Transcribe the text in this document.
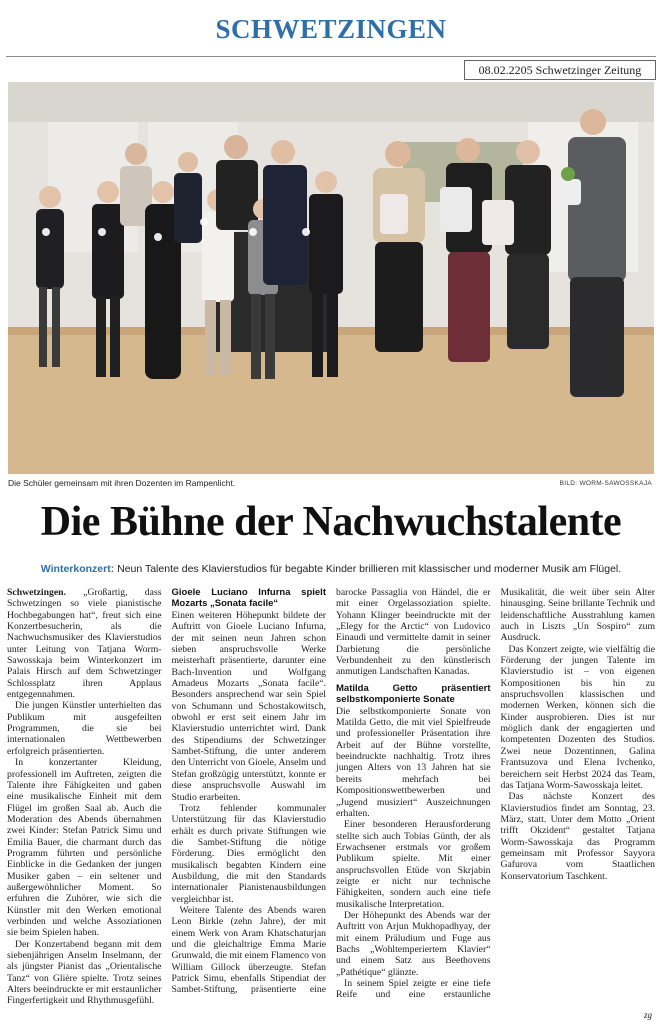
SCHWETZINGEN
08.02.2205 Schwetzinger Zeitung
Die Schüler gemeinsam mit ihren Dozenten im Rampenlicht.	BILD: WORM-SAWOSSKAJA
Die Bühne der Nachwuchstalente
Winterkonzert: Neun Talente des Klavierstudios für begabte Kinder brillieren mit klassischer und moderner Musik am Flügel.

Schwetzingen. „Großartig, dass Schwetzingen so viele pianistische Hochbegabungen hat“, freut sich eine Konzertbesucherin, als die Nachwuchsmusiker des Klavierstudios unter Leitung von Tatjana Worm-Sawosskaja beim Winterkonzert im Palais Hirsch auf dem Schwetzinger Schlossplatz ihren Applaus entgegennahmen.

Die jungen Künstler unterhielten das Publikum mit ausgefeilten Programmen, die sie bei internationalen Wettbewerben erfolgreich präsentierten.

In konzertanter Kleidung, professionell im Auftreten, zeigten die Talente ihre Fähigkeiten und gaben eine musikalische Einheit mit dem Flügel im großen Saal ab. Auch die Moderation des Abends übernahmen zwei Kinder: Stefan Patrick Simu und Emilia Bauer, die charmant durch das Programm führten und persönliche Einblicke in die Gedanken der jungen Musiker gaben – ein seltener und außergewöhnlicher Moment. So erfuhren die Zuhörer, wie sich die Künstler mit den Werken emotional verbinden und welche Assoziationen sie beim Spielen haben.

Der Konzertabend begann mit dem siebenjährigen Anselm Inselmann, der als jüngster Pianist das „Orientalische Tanz“ von Glière spielte. Trotz seines Alters beeindruckte er mit erstaunlicher Fingerfertigkeit und Rhythmusgefühl.

Gioele Luciano Infurna spielt Mozarts „Sonata facile“

Einen weiteren Höhepunkt bildete der Auftritt von Gioele Luciano Infurna, der mit seinen neun Jahren schon sieben anspruchsvolle Werke meisterhaft präsentierte, darunter eine Bach-Invention und Wolfgang Amadeus Mozarts „Sonata facile“. Besonders ansprechend war sein Spiel von Schumann und Schostakowitsch, obwohl er erst seit einem Jahr im Klavierstudio unterrichtet wird. Dank des Stipendiums der Schwetzinger Sambet-Stiftung, die unter anderem den Unterricht von Gioele, Anselm und Stefan großzügig unterstützt, konnte er diese anspruchsvolle Auswahl im Studio erarbeiten.

Trotz fehlender kommunaler Unterstützung für das Klavierstudio erhält es durch private Stiftungen wie die Sambet-Stiftung die nötige Förderung. Dies ermöglicht den musikalisch begabten Kindern eine Ausbildung, die mit den Standards internationaler Pianistenausbildungen vergleichbar ist.

Weitere Talente des Abends waren Leon Birkle (zehn Jahre), der mit einem Werk von Aram Khatschaturjan und die gleichaltrige Emma Marie Grunwald, die mit einem Flamenco von William Gillock überzeugte. Stefan Patrick Simu, ebenfalls Stipendiat der Sambet-Stiftung, präsentierte eine barocke Passaglia von Händel, die er mit einer Orgelassoziation spielte. Yohann Klinger beeindruckte mit der „Elegy for the Arctic“ von Ludovico Einaudi und vermittelte damit in seiner Darbietung die persönliche Verbundenheit zu den künstlerisch anmutigen Landschaften Kanadas.

Matilda Getto präsentiert selbstkomponierte Sonate

Die selbstkomponierte Sonate von Matilda Getto, die mit viel Spielfreude und professioneller Präsentation ihre Arbeit auf der Bühne vorstellte, beeindruckte nachhaltig. Trotz ihres jungen Alters von 13 Jahren hat sie bereits mehrfach bei Kompositionswettbewerben und „Jugend musiziert“ Auszeichnungen erhalten.

Einer besonderen Herausforderung stellte sich auch Tobias Günth, der als Erwachsener erstmals vor großem Publikum spielte. Mit einer anspruchsvollen Etüde von Skrjabin zeigte er nicht nur technische Fähigkeiten, sondern auch eine tiefe musikalische Interpretation.

Der Höhepunkt des Abends war der Auftritt von Arjun Mukhopadhyay, der mit einem Präludium und Fuge aus Bachs „Wohltemperiertem Klavier“ und einem Satz aus Beethovens „Pathétique“ glänzte.

In seinem Spiel zeigte er eine tiefe Reife und eine erstaunliche Musikalität, die weit über sein Alter hinausging. Seine brillante Technik und leidenschaftliche Ausstrahlung kamen auch in Liszts „Un Sospiro“ zum Ausdruck.

Das Konzert zeigte, wie vielfältig die Förderung der jungen Talente im Klavierstudio ist – von eigenen Kompositionen bis hin zu anspruchsvollen klassischen und modernen Werken, können sich die Kinder ausprobieren. Dies ist nur möglich dank der engagierten und kompetenten Dozenten des Studios. Zwei neue Dozentinnen, Galina Frantsuzova und Elena Ivchenko, bereichern seit Herbst 2024 das Team, das Tatjana Worm-Sawosskaja leitet.

Das nächste Konzert des Klavierstudios findet am Sonntag, 23. März, statt. Unter dem Motto „Orient trifft Okzident“ gestaltet Tatjana Worm-Sawosskaja das Programm gemeinsam mit Professor Sayyora Gafurova vom Staatlichen Konservatorium Taschkent.

zg
